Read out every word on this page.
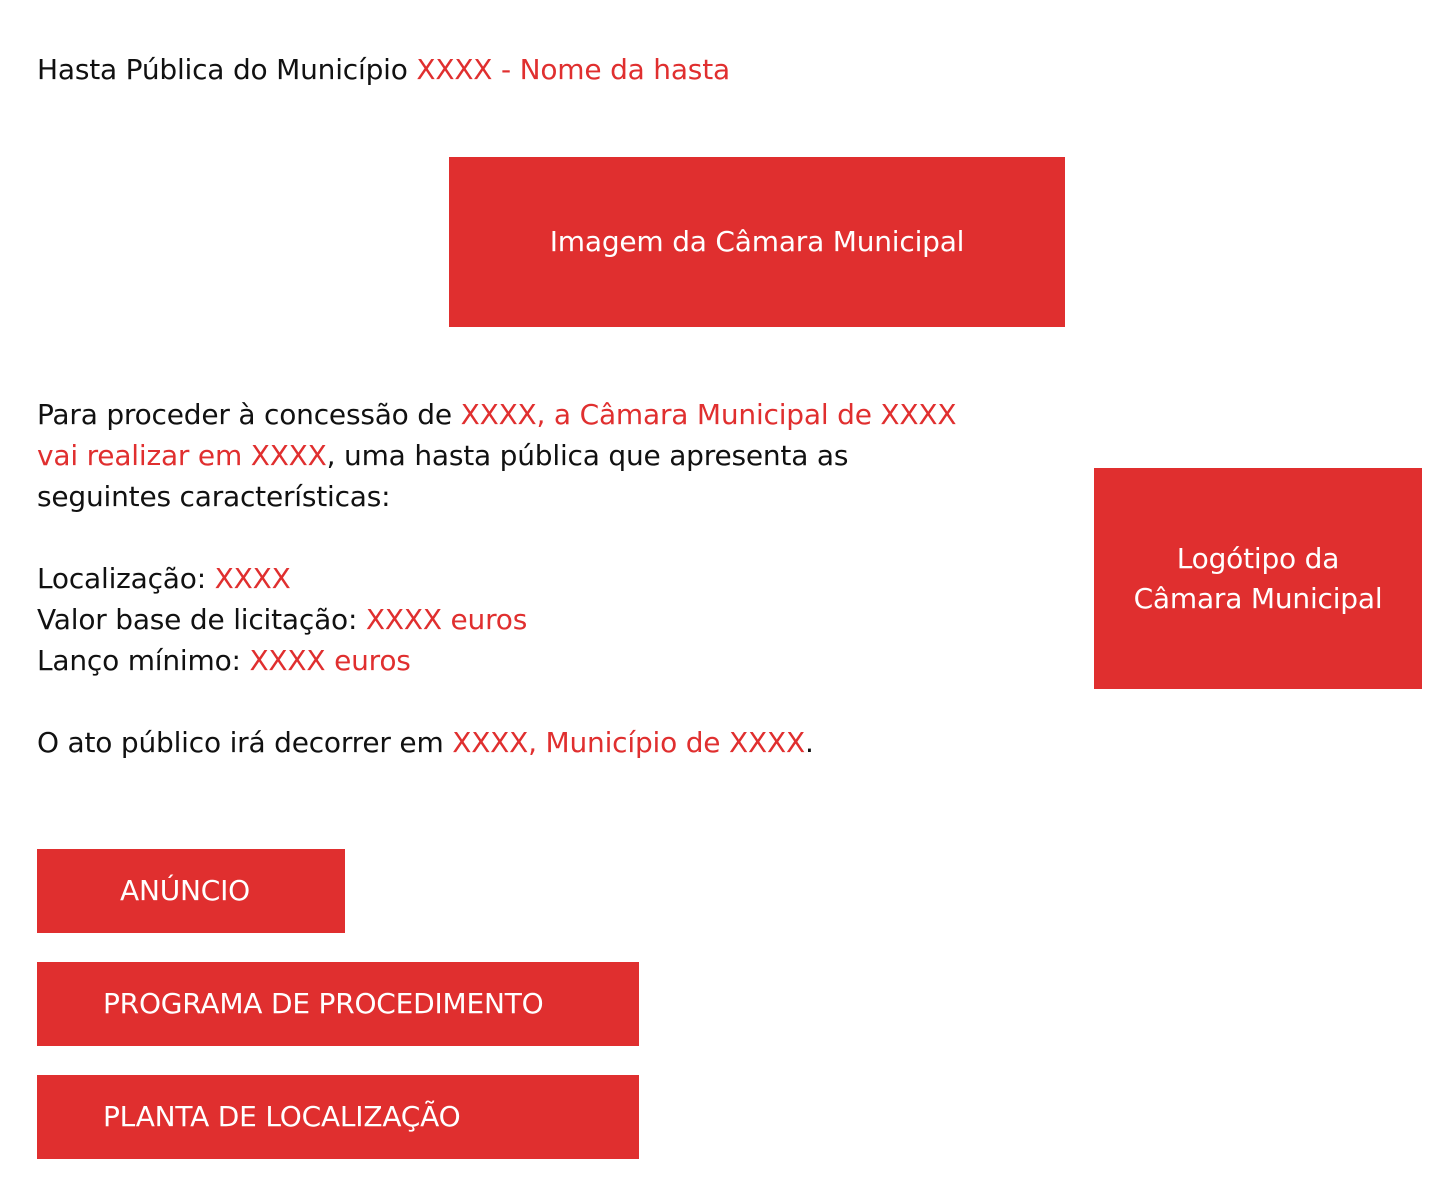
Hasta Pública do Município XXXX - Nome da hasta
Imagem da Câmara Municipal
Logótipo da
Câmara Municipal

Para proceder à concessão de XXXX, a Câmara Municipal de XXXX vai realizar em XXXX, uma hasta pública que apresenta as seguintes características:

Localização: XXXX

Valor base de licitação: XXXX euros

Lanço mínimo: XXXX euros

O ato público irá decorrer em XXXX, Município de XXXX.

ANÚNCIO
PROGRAMA DE PROCEDIMENTO
PLANTA DE LOCALIZAÇÃO
